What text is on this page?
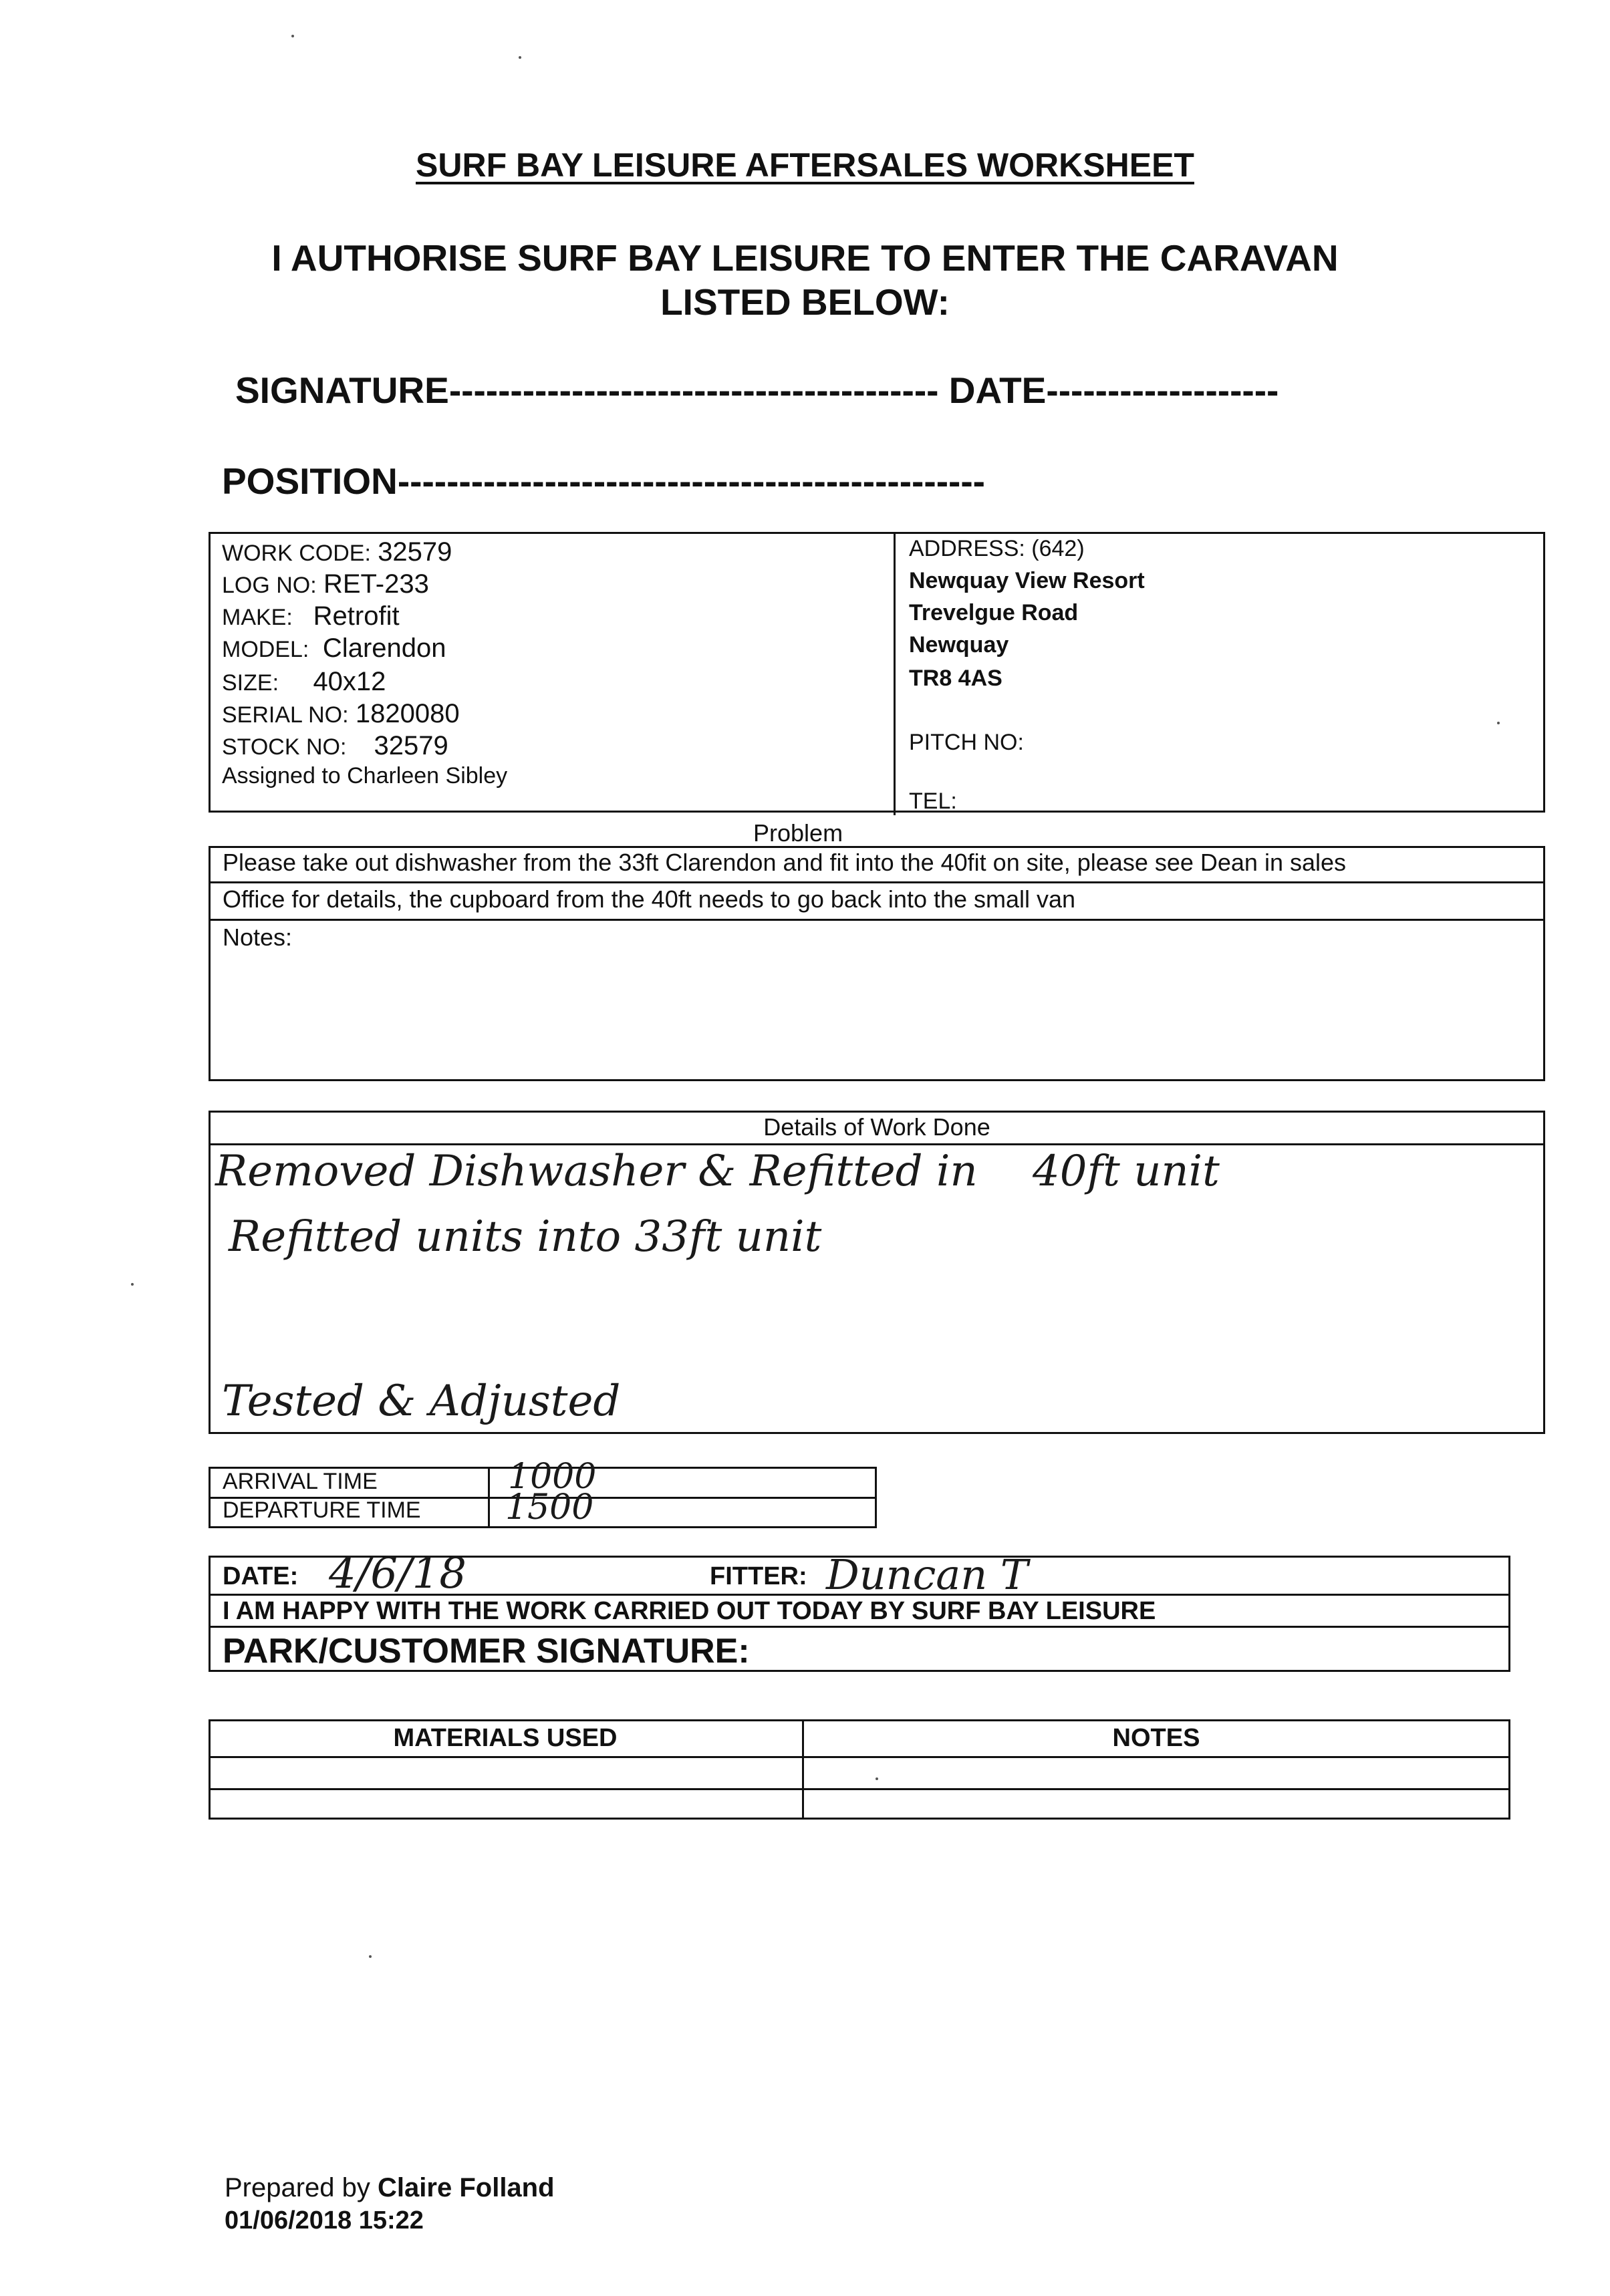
SURF BAY LEISURE AFTERSALES WORKSHEET
I AUTHORISE SURF BAY LEISURE TO ENTER THE CARAVAN
LISTED BELOW:
SIGNATURE---------------------------------------- DATE-------------------
POSITION------------------------------------------------
WORK CODE: 32579
LOG NO: RET-233
MAKE: Retrofit
MODEL: Clarendon
SIZE: 40x12
SERIAL NO: 1820080
STOCK NO: 32579
Assigned to Charleen Sibley
ADDRESS: (642)
Newquay View Resort
Trevelgue Road
Newquay
TR8 4AS
PITCH NO:
TEL:
Problem
Please take out dishwasher from the 33ft Clarendon and fit into the 40fit on site, please see Dean in sales
Office for details, the cupboard from the 40ft needs to go back into the small van
Notes:
Details of Work Done
Removed Dishwasher & Refitted in 40ft unit
Refitted units into 33ft unit
Tested & Adjusted
ARRIVAL TIME
DEPARTURE TIME
1000
1500
DATE: 4/6/18	FITTER: Duncan T
I AM HAPPY WITH THE WORK CARRIED OUT TODAY BY SURF BAY LEISURE
PARK/CUSTOMER SIGNATURE:
MATERIALS USED	NOTES
Prepared by Claire Folland
01/06/2018 15:22
